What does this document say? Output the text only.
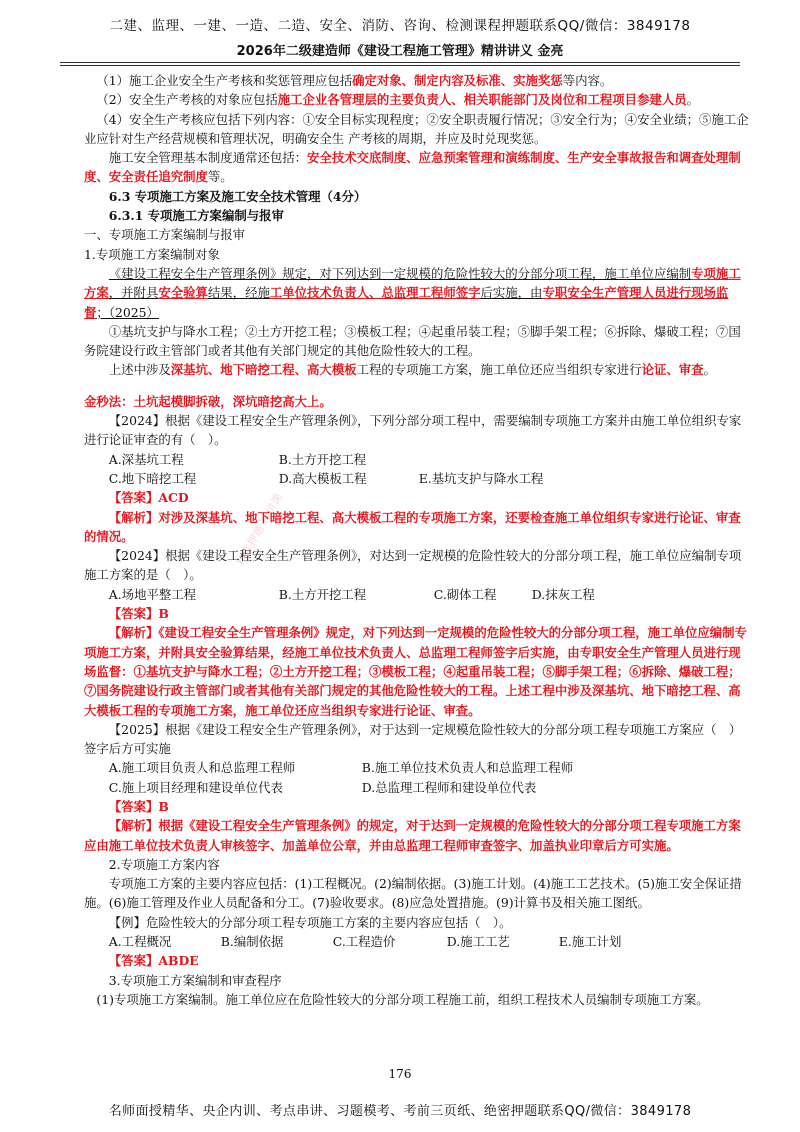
二建、监理、一建、一造、二造、安全、消防、咨询、检测课程押题联系QQ/微信：3849178
2026年二级建造师《建设工程施工管理》精讲讲义 金亮
精准押题 精讲课

（1）施工企业安全生产考核和奖惩管理应包括确定对象、制定内容及标准、实施奖惩等内容。

（2）安全生产考核的对象应包括施工企业各管理层的主要负责人、相关职能部门及岗位和工程项目参建人员。

（4）安全生产考核应包括下列内容：①安全目标实现程度；②安全职责履行情况；③安全行为；④安全业绩；⑤施工企业应针对生产经营规模和管理状况，明确安全生 产考核的周期，并应及时兑现奖惩。

施工安全管理基本制度通常还包括：安全技术交底制度、应急预案管理和演练制度、生产安全事故报告和调查处理制度、安全责任追究制度等。

6.3 专项施工方案及施工安全技术管理（4分）

6.3.1 专项施工方案编制与报审

一、专项施工方案编制与报审

1.专项施工方案编制对象

《建设工程安全生产管理条例》规定，对下列达到一定规模的危险性较大的分部分项工程，施工单位应编制专项施工方案，并附具安全验算结果，经施工单位技术负责人、总监理工程师签字后实施，由专职安全生产管理人员进行现场监督；（2025）

①基坑支护与降水工程；②土方开挖工程；③模板工程；④起重吊装工程；⑤脚手架工程；⑥拆除、爆破工程；⑦国务院建设行政主管部门或者其他有关部门规定的其他危险性较大的工程。

上述中涉及深基坑、地下暗挖工程、高大模板工程的专项施工方案，施工单位还应当组织专家进行论证、审查。

金秒法：土坑起模脚拆破，深坑暗挖高大上。

【2024】根据《建设工程安全生产管理条例》，下列分部分项工程中，需要编制专项施工方案并由施工单位组织专家进行论证审查的有（　）。

A.深基坑工程	B.土方开挖工程
C.地下暗挖工程	D.高大模板工程	E.基坑支护与降水工程

【答案】ACD

【解析】对涉及深基坑、地下暗挖工程、高大模板工程的专项施工方案，还要检查施工单位组织专家进行论证、审查的情况。

【2024】根据《建设工程安全生产管理条例》，对达到一定规模的危险性较大的分部分项工程，施工单位应编制专项施工方案的是（　）。

A.场地平整工程	B.土方开挖工程	C.砌体工程	D.抹灰工程

【答案】B

【解析】《建设工程安全生产管理条例》规定，对下列达到一定规模的危险性较大的分部分项工程，施工单位应编制专项施工方案，并附具安全验算结果，经施工单位技术负责人、总监理工程师签字后实施，由专职安全生产管理人员进行现场监督：①基坑支护与降水工程；②土方开挖工程；③模板工程；④起重吊装工程；⑤脚手架工程；⑥拆除、爆破工程；⑦国务院建设行政主管部门或者其他有关部门规定的其他危险性较大的工程。上述工程中涉及深基坑、地下暗挖工程、高大模板工程的专项施工方案，施工单位还应当组织专家进行论证、审查。

【2025】根据《建设工程安全生产管理条例》，对于达到一定规模危险性较大的分部分项工程专项施工方案应（　）签字后方可实施

A.施工项目负责人和总监理工程师	B.施工单位技术负责人和总监理工程师
C.施上项目经理和建设单位代表	D.总监理工程师和建设单位代表

【答案】B

【解析】根据《建设工程安全生产管理条例》的规定，对于达到一定规模的危险性较大的分部分项工程专项施工方案应由施工单位技术负责人审核签字、加盖单位公章，并由总监理工程师审查签字、加盖执业印章后方可实施。

2.专项施工方案内容

专项施工方案的主要内容应包括：(1)工程概况。(2)编制依据。(3)施工计划。(4)施工工艺技术。(5)施工安全保证措施。(6)施工管理及作业人员配备和分工。(7)验收要求。(8)应急处置措施。(9)计算书及相关施工图纸。

【例】危险性较大的分部分项工程专项施工方案的主要内容应包括（　）。

A.工程概况	B.编制依据	C.工程造价	D.施工工艺	E.施工计划

【答案】ABDE

3.专项施工方案编制和审查程序

(1)专项施工方案编制。施工单位应在危险性较大的分部分项工程施工前，组织工程技术人员编制专项施工方案。

176
名师面授精华、央企内训、考点串讲、习题模考、考前三页纸、绝密押题联系QQ/微信：3849178
